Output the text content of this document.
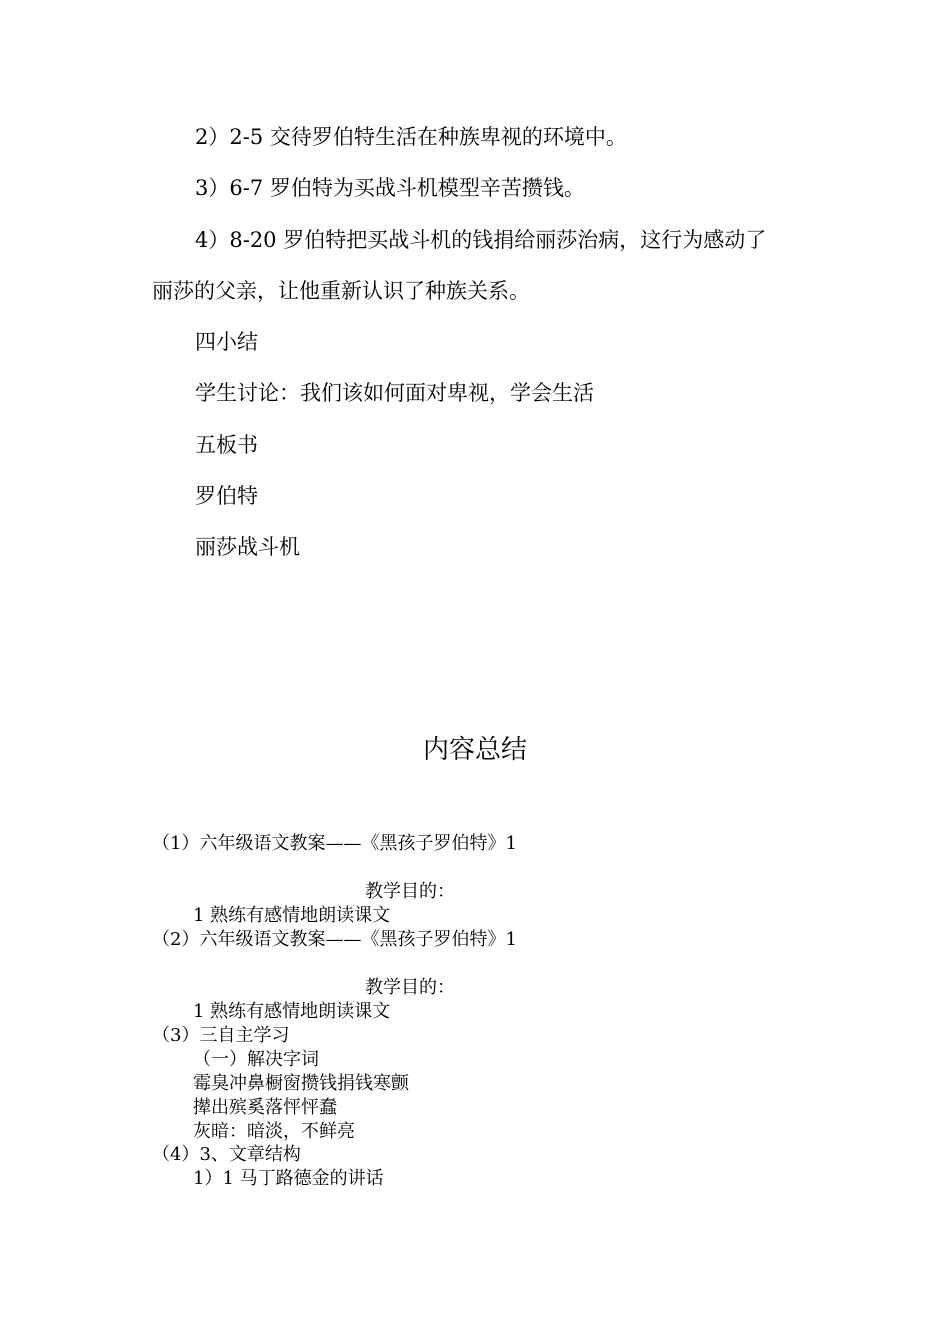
2）2-5 交待罗伯特生活在种族卑视的环境中。
3）6-7 罗伯特为买战斗机模型辛苦攒钱。
4）8-20 罗伯特把买战斗机的钱捐给丽莎治病，这行为感动了
丽莎的父亲，让他重新认识了种族关系。
四小结
学生讨论：我们该如何面对卑视，学会生活
五板书
罗伯特
丽莎战斗机
内容总结
（1）六年级语文教案——《黑孩子罗伯特》1
教学目的：
1 熟练有感情地朗读课文
（2）六年级语文教案——《黑孩子罗伯特》1
教学目的：
1 熟练有感情地朗读课文
（3）三自主学习
（一）解决字词
霉臭冲鼻橱窗攒钱捐钱寒颤
撵出殡奚落怦怦蠢
灰暗：暗淡，不鲜亮
（4）3、文章结构
1）1 马丁路德金的讲话
